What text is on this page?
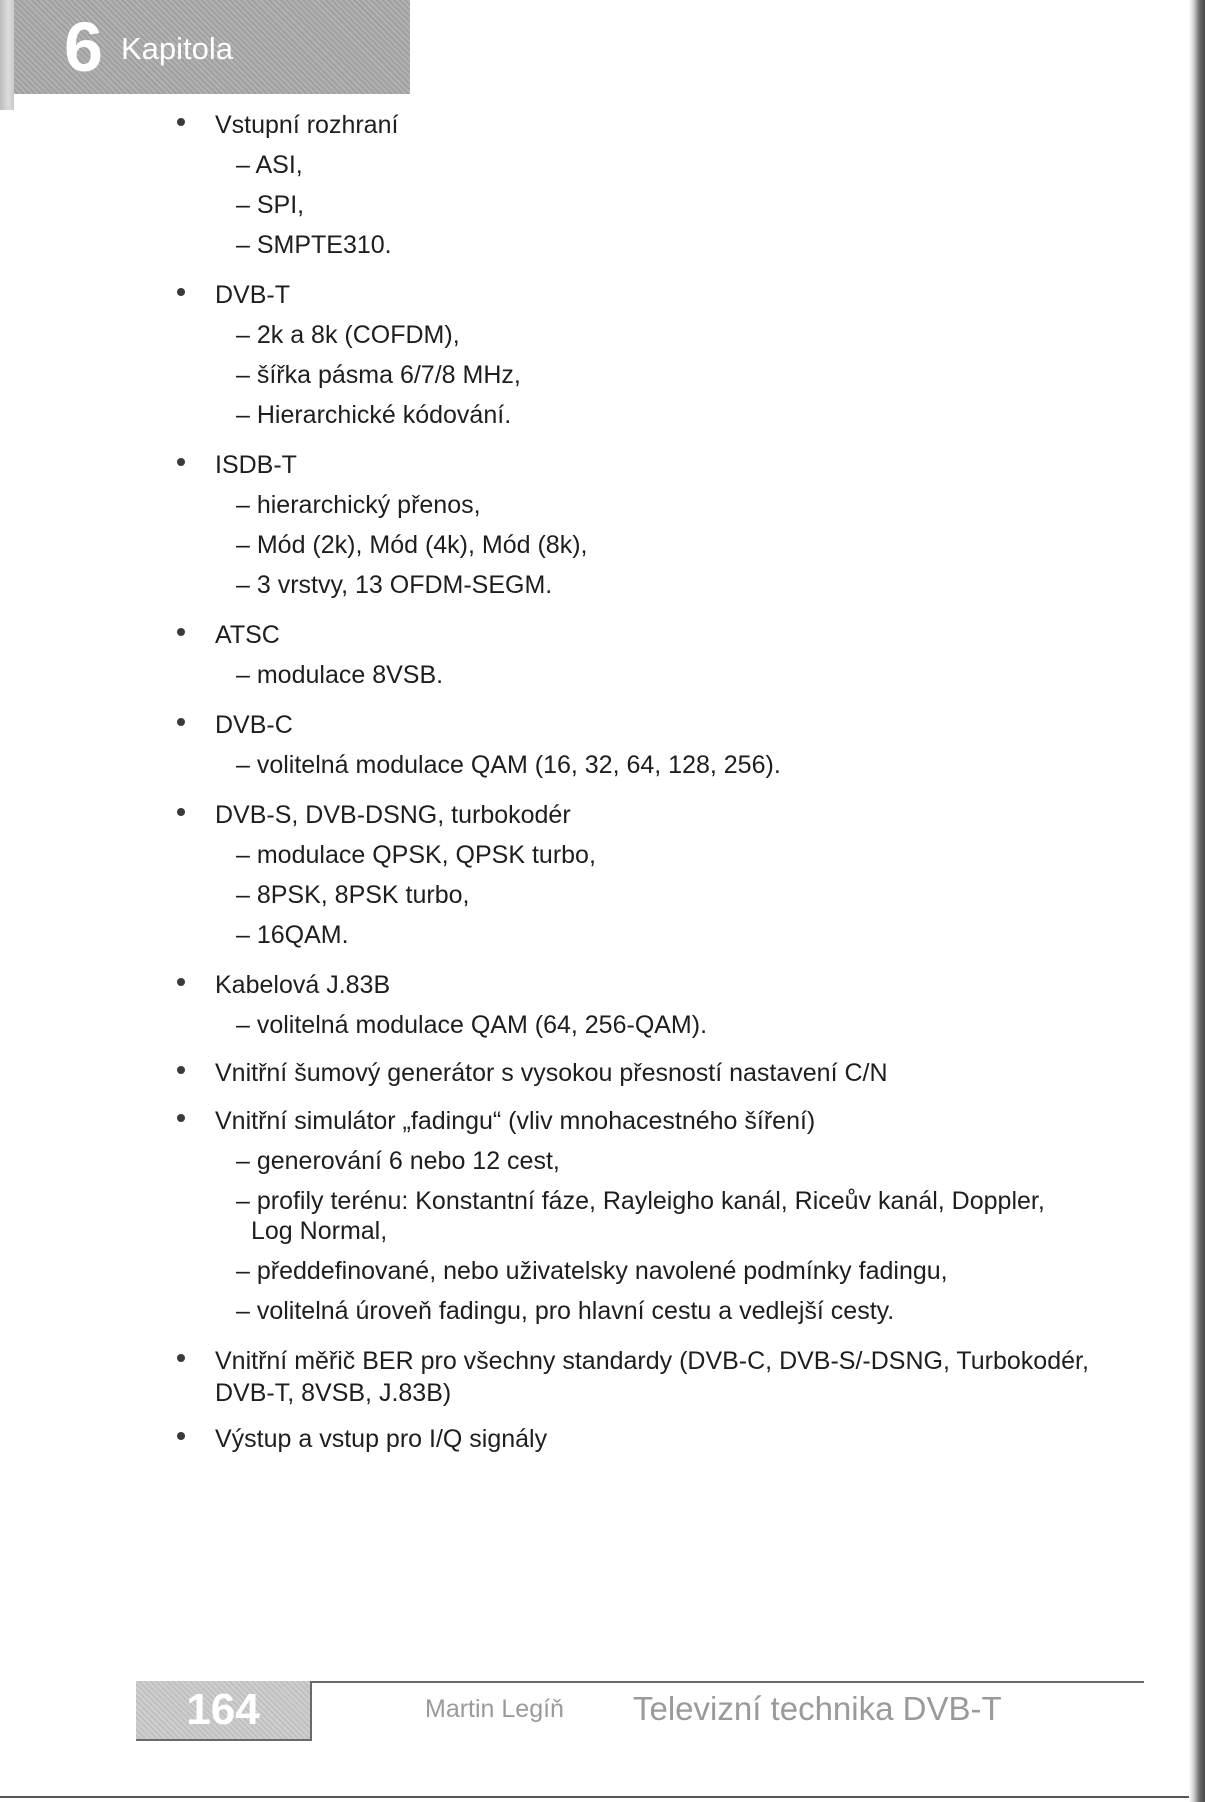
6 Kapitola
Vstupní rozhraní
– ASI,
– SPI,
– SMPTE310.
DVB-T
– 2k a 8k (COFDM),
– šířka pásma 6/7/8 MHz,
– Hierarchické kódování.
ISDB-T
– hierarchický přenos,
– Mód (2k), Mód (4k), Mód (8k),
– 3 vrstvy, 13 OFDM-SEGM.
ATSC
– modulace 8VSB.
DVB-C
– volitelná modulace QAM (16, 32, 64, 128, 256).
DVB-S, DVB-DSNG, turbokodér
– modulace QPSK, QPSK turbo,
– 8PSK, 8PSK turbo,
– 16QAM.
Kabelová J.83B
– volitelná modulace QAM (64, 256-QAM).
Vnitřní šumový generátor s vysokou přesností nastavení C/N
Vnitřní simulátor „fadingu“ (vliv mnohacestného šíření)
– generování 6 nebo 12 cest,
– profily terénu: Konstantní fáze, Rayleigho kanál, Riceův kanál, Doppler,
Log Normal,
– předdefinované, nebo uživatelsky navolené podmínky fadingu,
– volitelná úroveň fadingu, pro hlavní cestu a vedlejší cesty.
Vnitřní měřič BER pro všechny standardy (DVB-C, DVB-S/-DSNG, Turbokodér,
DVB-T, 8VSB, J.83B)
Výstup a vstup pro I/Q signály
164	Martin Legíň Televizní technika DVB-T
